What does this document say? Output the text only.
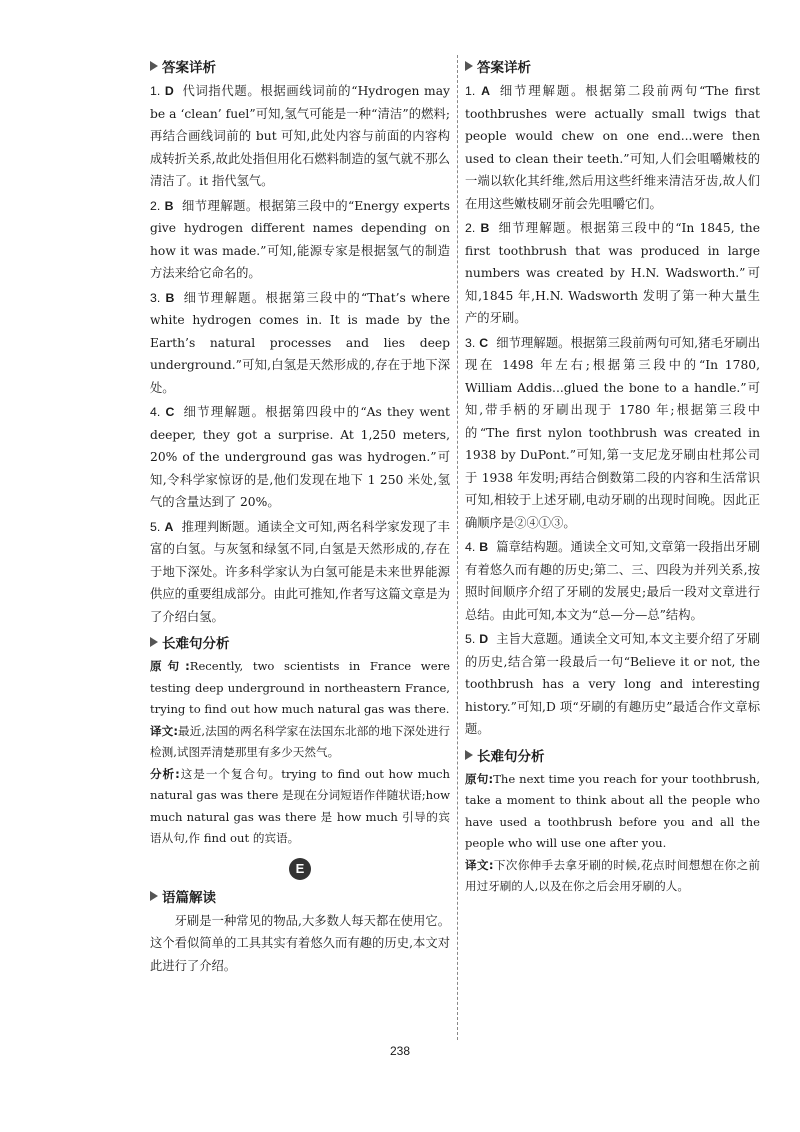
答案详析

1. D 代词指代题。根据画线词前的“Hydrogen may be a ‘clean’ fuel”可知,氢气可能是一种“清洁”的燃料;再结合画线词前的 but 可知,此处内容与前面的内容构成转折关系,故此处指但用化石燃料制造的氢气就不那么清洁了。it 指代氢气。

2. B 细节理解题。根据第三段中的“Energy experts give hydrogen different names depending on how it was made.”可知,能源专家是根据氢气的制造方法来给它命名的。

3. B 细节理解题。根据第三段中的“That’s where white hydrogen comes in. It is made by the Earth’s natural processes and lies deep underground.”可知,白氢是天然形成的,存在于地下深处。

4. C 细节理解题。根据第四段中的“As they went deeper, they got a surprise. At 1,250 meters, 20% of the underground gas was hydrogen.”可知,令科学家惊讶的是,他们发现在地下 1 250 米处,氢气的含量达到了 20%。

5. A 推理判断题。通读全文可知,两名科学家发现了丰富的白氢。与灰氢和绿氢不同,白氢是天然形成的,存在于地下深处。许多科学家认为白氢可能是未来世界能源供应的重要组成部分。由此可推知,作者写这篇文章是为了介绍白氢。

长难句分析

原句:Recently, two scientists in France were testing deep underground in northeastern France, trying to find out how much natural gas was there.

译文:最近,法国的两名科学家在法国东北部的地下深处进行检测,试图弄清楚那里有多少天然气。

分析:这是一个复合句。trying to find out how much natural gas was there 是现在分词短语作伴随状语;how much natural gas was there 是 how much 引导的宾语从句,作 find out 的宾语。

E
语篇解读

牙刷是一种常见的物品,大多数人每天都在使用它。这个看似简单的工具其实有着悠久而有趣的历史,本文对此进行了介绍。

答案详析

1. A 细节理解题。根据第二段前两句“The first toothbrushes were actually small twigs that people would chew on one end...were then used to clean their teeth.”可知,人们会咀嚼嫩枝的一端以软化其纤维,然后用这些纤维来清洁牙齿,故人们在用这些嫩枝刷牙前会先咀嚼它们。

2. B 细节理解题。根据第三段中的“In 1845, the first toothbrush that was produced in large numbers was created by H.N. Wadsworth.”可知,1845 年,H.N. Wadsworth 发明了第一种大量生产的牙刷。

3. C 细节理解题。根据第三段前两句可知,猪毛牙刷出现在 1498 年左右;根据第三段中的“In 1780, William Addis...glued the bone to a handle.”可知,带手柄的牙刷出现于 1780 年;根据第三段中的“The first nylon toothbrush was created in 1938 by DuPont.”可知,第一支尼龙牙刷由杜邦公司于 1938 年发明;再结合倒数第二段的内容和生活常识可知,相较于上述牙刷,电动牙刷的出现时间晚。因此正确顺序是②④①③。

4. B 篇章结构题。通读全文可知,文章第一段指出牙刷有着悠久而有趣的历史;第二、三、四段为并列关系,按照时间顺序介绍了牙刷的发展史;最后一段对文章进行总结。由此可知,本文为“总—分—总”结构。

5. D 主旨大意题。通读全文可知,本文主要介绍了牙刷的历史,结合第一段最后一句“Believe it or not, the toothbrush has a very long and interesting history.”可知,D 项“牙刷的有趣历史”最适合作文章标题。

长难句分析

原句:The next time you reach for your toothbrush, take a moment to think about all the people who have used a toothbrush before you and all the people who will use one after you.

译文:下次你伸手去拿牙刷的时候,花点时间想想在你之前用过牙刷的人,以及在你之后会用牙刷的人。

238
